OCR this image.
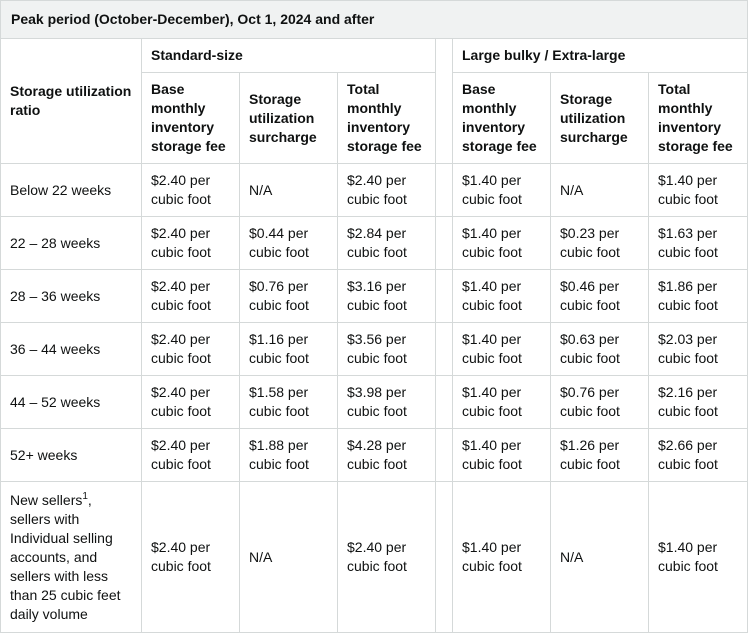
Peak period (October-December), Oct 1, 2024 and after							
Storage utilization ratio	Standard-size				Large bulky / Extra-large		
	Base monthly inventory storage fee	Storage utilization surcharge	Total monthly inventory storage fee		Base monthly inventory storage fee	Storage utilization surcharge	Total monthly inventory storage fee
Below 22 weeks	$2.40 per cubic foot	N/A	$2.40 per cubic foot		$1.40 per cubic foot	N/A	$1.40 per cubic foot
22 – 28 weeks	$2.40 per cubic foot	$0.44 per cubic foot	$2.84 per cubic foot		$1.40 per cubic foot	$0.23 per cubic foot	$1.63 per cubic foot
28 – 36 weeks	$2.40 per cubic foot	$0.76 per cubic foot	$3.16 per cubic foot		$1.40 per cubic foot	$0.46 per cubic foot	$1.86 per cubic foot
36 – 44 weeks	$2.40 per cubic foot	$1.16 per cubic foot	$3.56 per cubic foot		$1.40 per cubic foot	$0.63 per cubic foot	$2.03 per cubic foot
44 – 52 weeks	$2.40 per cubic foot	$1.58 per cubic foot	$3.98 per cubic foot		$1.40 per cubic foot	$0.76 per cubic foot	$2.16 per cubic foot
52+ weeks	$2.40 per cubic foot	$1.88 per cubic foot	$4.28 per cubic foot		$1.40 per cubic foot	$1.26 per cubic foot	$2.66 per cubic foot
New sellers$^1$, sellers with Individual selling accounts, and sellers with less than 25 cubic feet daily volume	$2.40 per cubic foot	N/A	$2.40 per cubic foot		$1.40 per cubic foot	N/A	$1.40 per cubic foot
